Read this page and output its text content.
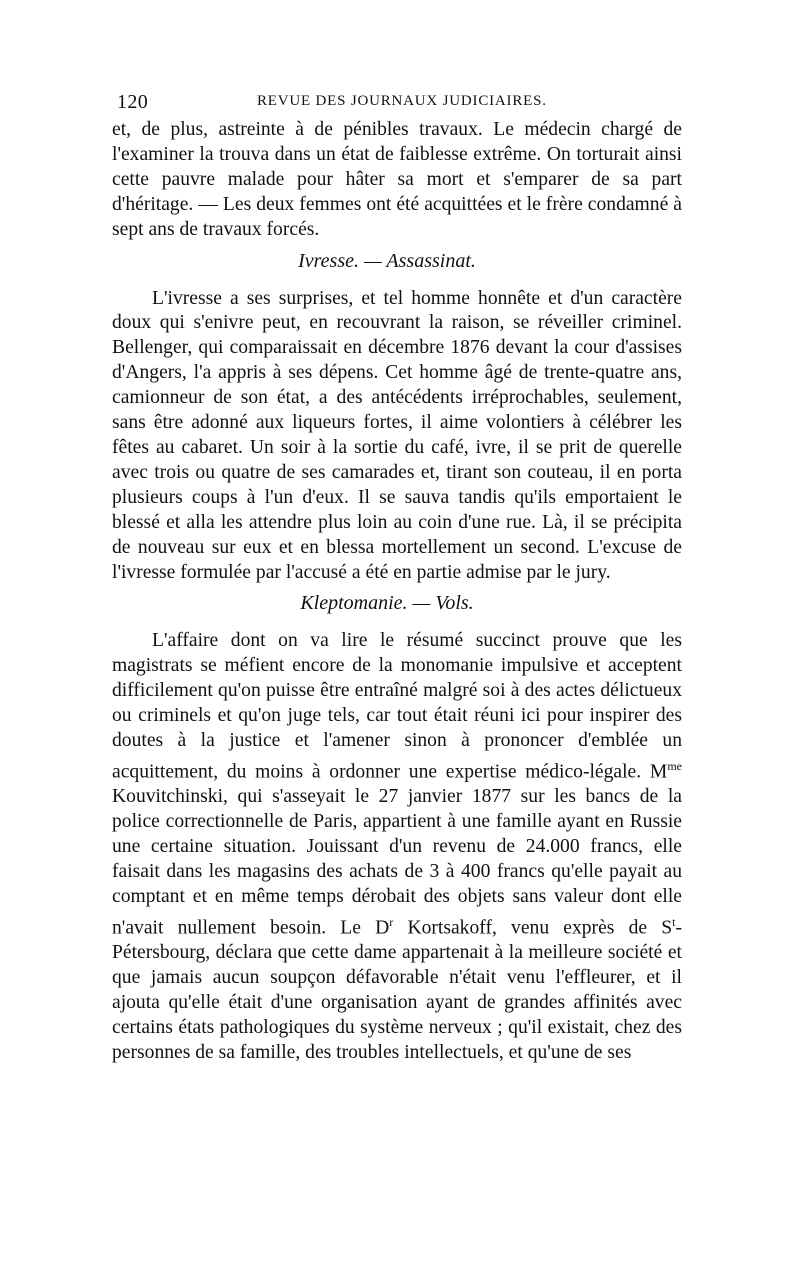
120	REVUE DES JOURNAUX JUDICIAIRES.

et, de plus, astreinte à de pénibles travaux. Le médecin chargé de l'examiner la trouva dans un état de faiblesse extrême. On torturait ainsi cette pauvre malade pour hâter sa mort et s'emparer de sa part d'héritage. — Les deux femmes ont été acquittées et le frère condamné à sept ans de travaux forcés.

Ivresse. — Assassinat.

L'ivresse a ses surprises, et tel homme honnête et d'un caractère doux qui s'enivre peut, en recouvrant la raison, se réveiller criminel. Bellenger, qui comparaissait en décembre 1876 devant la cour d'assises d'Angers, l'a appris à ses dépens. Cet homme âgé de trente-quatre ans, camionneur de son état, a des antécédents irréprochables, seulement, sans être adonné aux liqueurs fortes, il aime volontiers à célébrer les fêtes au cabaret. Un soir à la sortie du café, ivre, il se prit de querelle avec trois ou quatre de ses camarades et, tirant son couteau, il en porta plusieurs coups à l'un d'eux. Il se sauva tandis qu'ils emportaient le blessé et alla les attendre plus loin au coin d'une rue. Là, il se précipita de nouveau sur eux et en blessa mortellement un second. L'excuse de l'ivresse formulée par l'accusé a été en partie admise par le jury.

Kleptomanie. — Vols.

L'affaire dont on va lire le résumé succinct prouve que les magistrats se méfient encore de la monomanie impulsive et acceptent difficilement qu'on puisse être entraîné malgré soi à des actes délictueux ou criminels et qu'on juge tels, car tout était réuni ici pour inspirer des doutes à la justice et l'amener sinon à prononcer d'emblée un acquittement, du moins à ordonner une expertise médico-légale. $M^{me}$ Kouvitchinski, qui s'asseyait le 27 janvier 1877 sur les bancs de la police correctionnelle de Paris, appartient à une famille ayant en Russie une certaine situation. Jouissant d'un revenu de 24.000 francs, elle faisait dans les magasins des achats de 3 à 400 francs qu'elle payait au comptant et en même temps dérobait des objets sans valeur dont elle n'avait nullement besoin. Le $D^r$ Kortsakoff, venu exprès de $S^t$-Pétersbourg, déclara que cette dame appartenait à la meilleure société et que jamais aucun soupçon défavorable n'était venu l'effleurer, et il ajouta qu'elle était d'une organisation ayant de grandes affinités avec certains états pathologiques du système nerveux ; qu'il existait, chez des personnes de sa famille, des troubles intellectuels, et qu'une de ses
